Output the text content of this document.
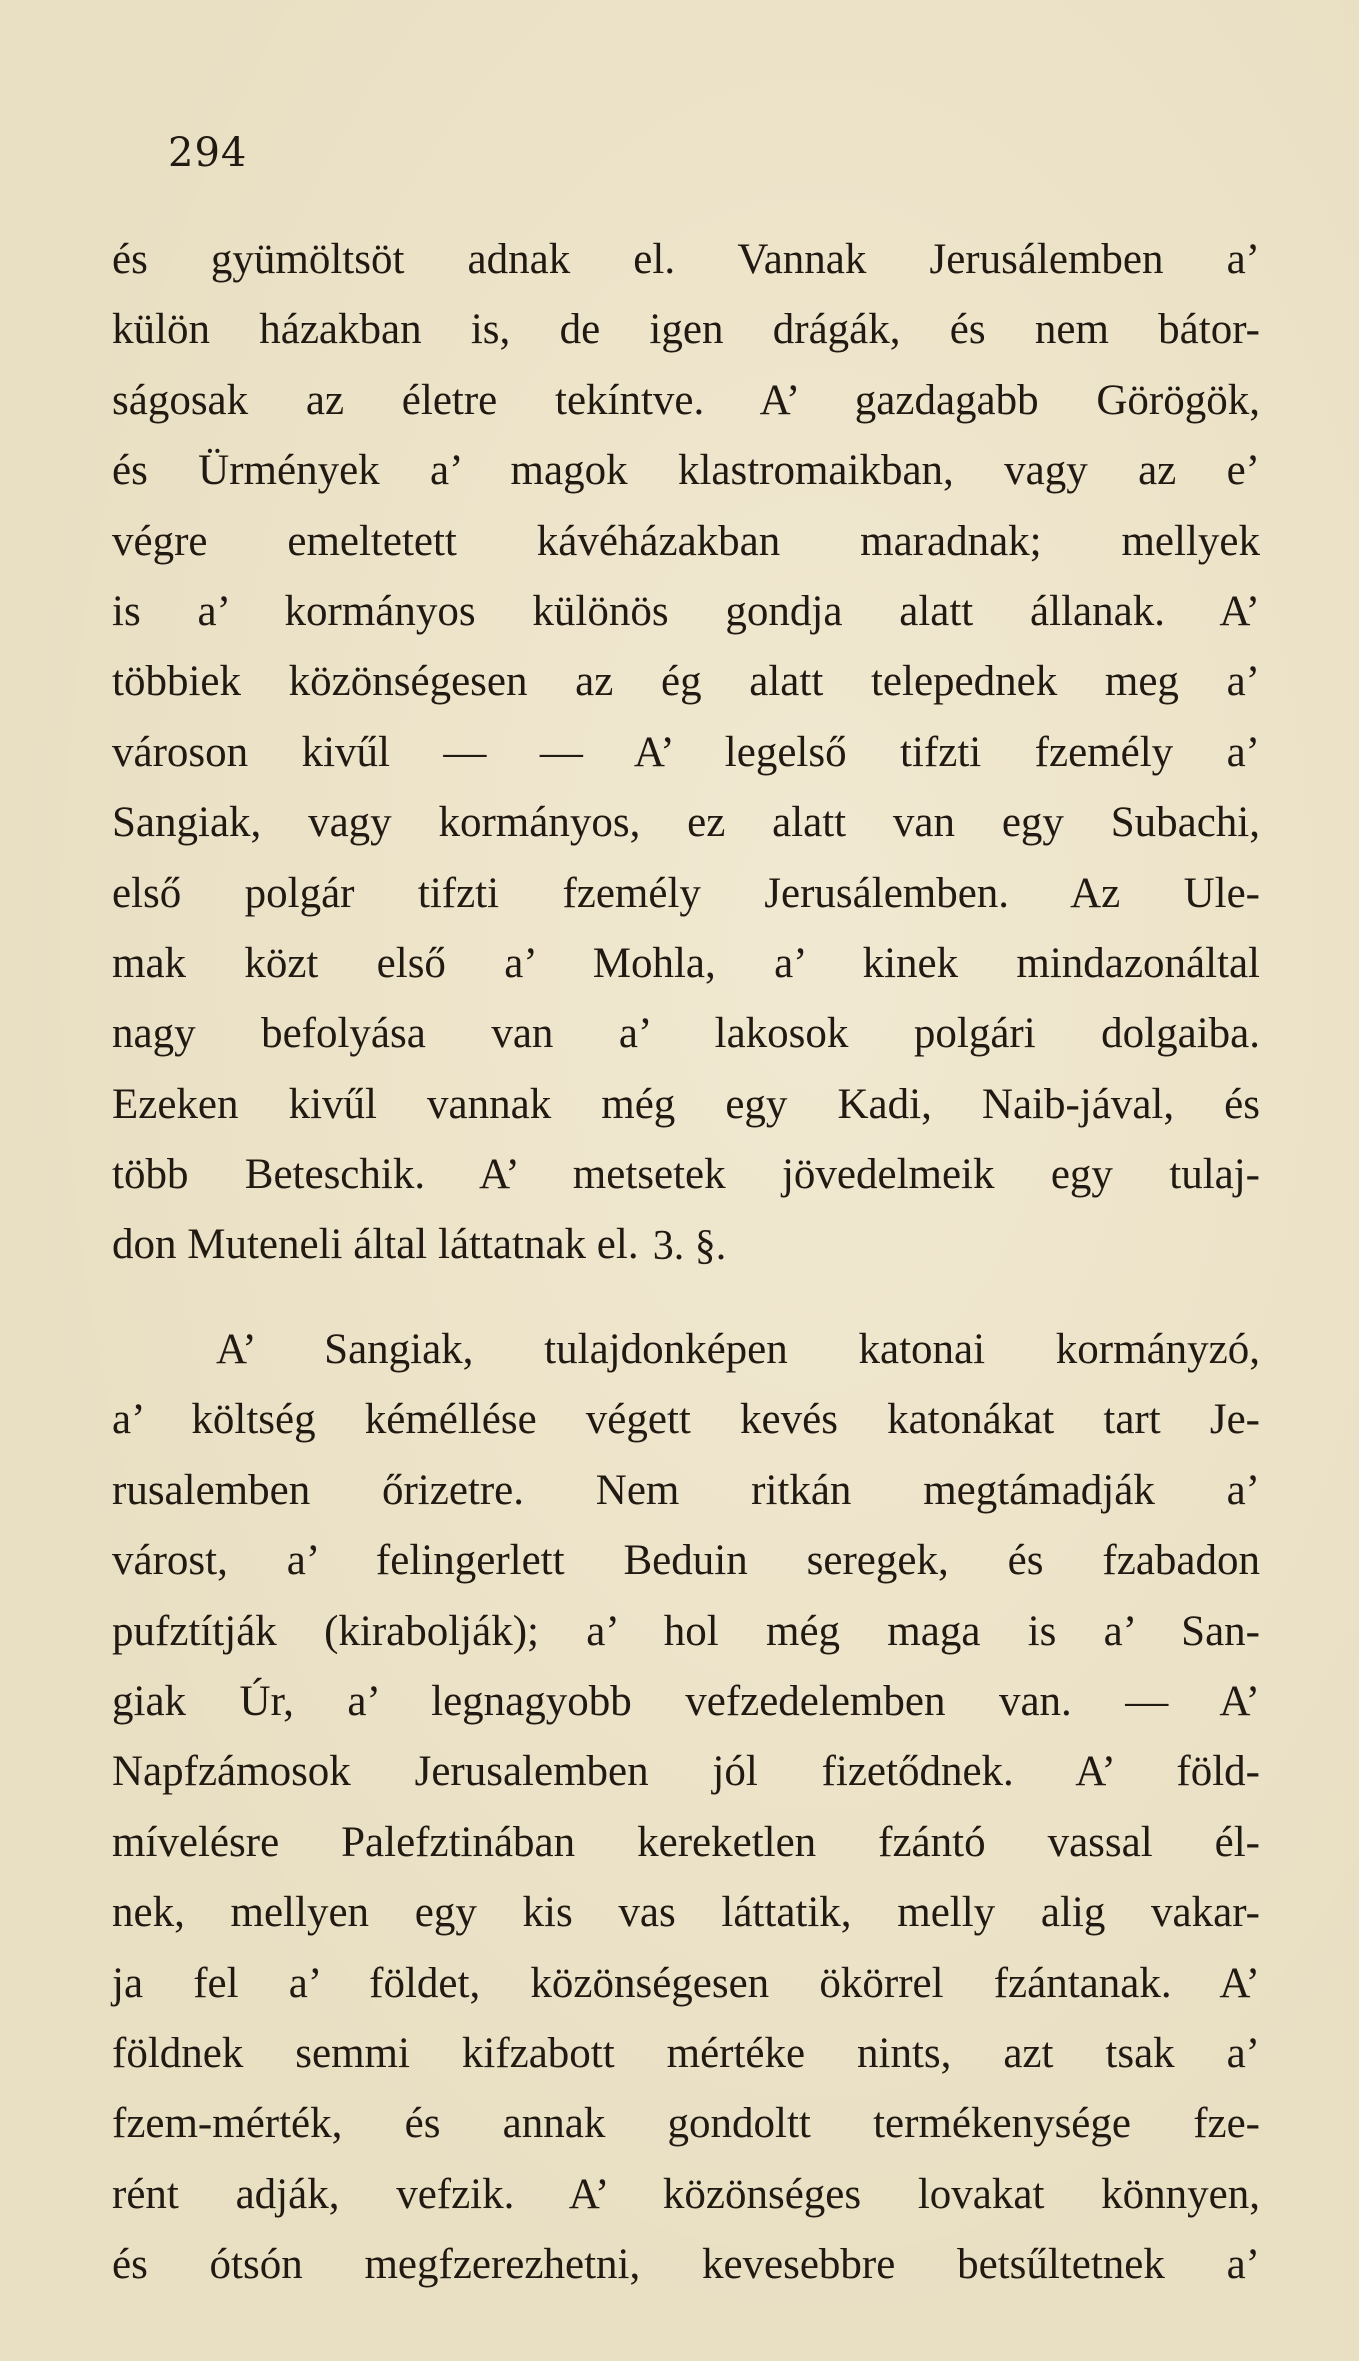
294

és gyümöltsöt adnak el. Vannak Jerusálemben a’
külön házakban is, de igen drágák, és nem bátor-
ságosak az életre tekíntve. A’ gazdagabb Görögök,
és Ürmények a’ magok klastromaikban, vagy az e’
végre emeltetett kávéházakban maradnak; mellyek
is a’ kormányos különös gondja alatt állanak. A’
többiek közönségesen az ég alatt telepednek meg a’
városon kivűl — — A’ legelső tifzti fzemély a’
Sangiak, vagy kormányos, ez alatt van egy Subachi,
első polgár tifzti fzemély Jerusálemben. Az Ule-
mak közt első a’ Mohla, a’ kinek mindazonáltal
nagy befolyása van a’ lakosok polgári dolgaiba.
Ezeken kivűl vannak még egy Kadi, Naib-jával, és
több Beteschik. A’ metsetek jövedelmeik egy tulaj-
don Muteneli által láttatnak el. 3. §.

A’ Sangiak, tulajdonképen katonai kormányzó,
a’ költség kéméllése végett kevés katonákat tart Je-
rusalemben őrizetre. Nem ritkán megtámadják a’
várost, a’ felingerlett Beduin seregek, és fzabadon
pufztítják (kirabolják); a’ hol még maga is a’ San-
giak Úr, a’ legnagyobb vefzedelemben van. — A’
Napfzámosok Jerusalemben jól fizetődnek. A’ föld-
mívelésre Palefztinában kereketlen fzántó vassal él-
nek, mellyen egy kis vas láttatik, melly alig vakar-
ja fel a’ földet, közönségesen ökörrel fzántanak. A’
földnek semmi kifzabott mértéke nints, azt tsak a’
fzem-mérték, és annak gondoltt termékenysége fze-
rént adják, vefzik. A’ közönséges lovakat könnyen,
és ótsón megfzerezhetni, kevesebbre betsűltetnek a’
